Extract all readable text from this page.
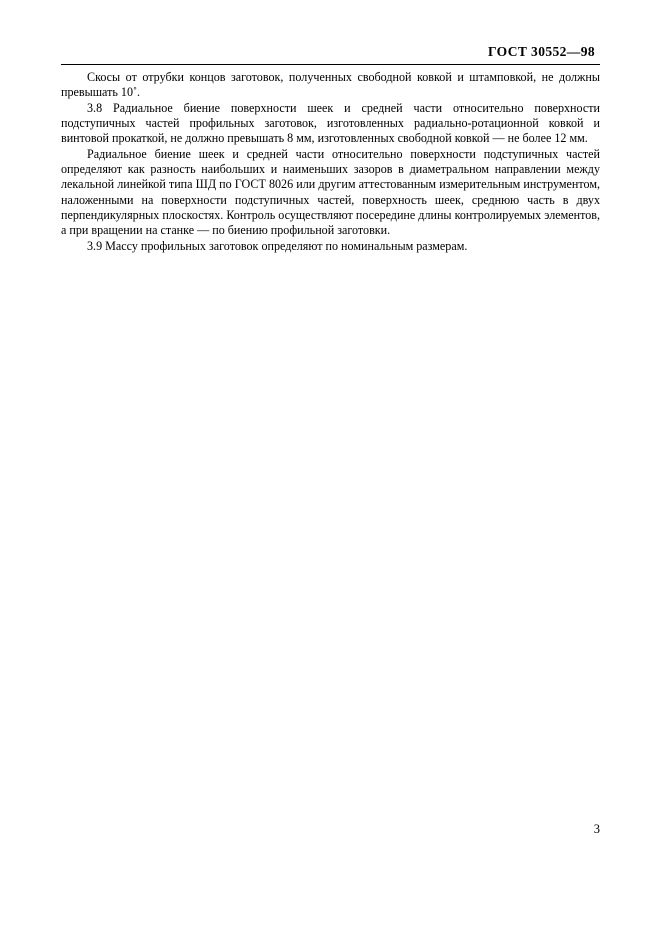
ГОСТ 30552—98

Скосы от отрубки концов заготовок, полученных свободной ковкой и штамповкой, не должны превышать 10˚.

3.8 Радиальное биение поверхности шеек и средней части относительно поверхности подступичных частей профильных заготовок, изготовленных радиально-ротационной ковкой и винтовой прокаткой, не должно превышать 8 мм, изготовленных свободной ковкой — не более 12 мм.

Радиальное биение шеек и средней части относительно поверхности подступичных частей определяют как разность наибольших и наименьших зазоров в диаметральном направлении между лекальной линейкой типа ШД по ГОСТ 8026 или другим аттестованным измерительным инструментом, наложенными на поверхности подступичных частей, поверхность шеек, среднюю часть в двух перпендикулярных плоскостях. Контроль осуществляют посередине длины контролируемых элементов, а при вращении на станке — по биению профильной заготовки.

3.9 Массу профильных заготовок определяют по номинальным размерам.

3
